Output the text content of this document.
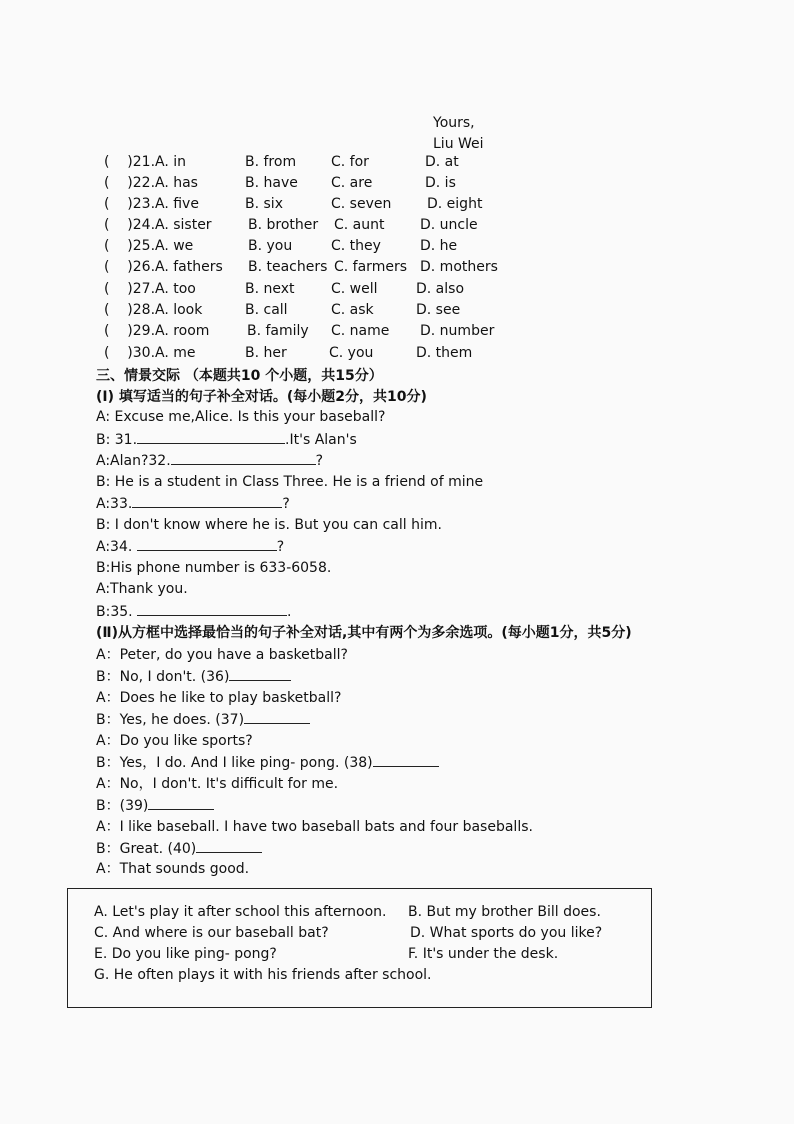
Yours,
Liu Wei
(    )21. A. in	B. from C. for	D. at
(    )22. A. has	B. have C. are	D. is
(    )23. A. five	B. six	C. seven	D. eight
(    )24. A. sister	B. brother C. aunt	D. uncle
(    )25. A. we	B. you	C. they	D. he
(    )26. A. fathers B. teachers C. farmers D. mothers
(    )27. A. too	B. next	C. well	D. also
(    )28. A. look	B. call	C. ask	D. see
(    )29. A. room	B. family C. name D. number
(    )30. A. me	B. her	C. you	D. them
三、情景交际 （本题共10 个小题，共15分）
(Ⅰ) 填写适当的句子补全对话。(每小题2分，共10分)
A: Excuse me,Alice. Is this your baseball?
B: 31.	.It's Alan's
A:Alan?32.	?
B: He is a student in Class Three. He is a friend of mine
A:33.	?
B: I don't know where he is. But you can call him.
A:34.	?
B:His phone number is 633-6058.
A:Thank you.
B:35.	.
(Ⅱ)从方框中选择最恰当的句子补全对话,其中有两个为多余选项。(每小题1分，共5分)
A：Peter, do you have a basketball?
B：No, I don't. (36)
A：Does he like to play basketball?
B：Yes, he does. (37)
A：Do you like sports?
B：Yes，I do. And I like ping- pong. (38)
A：No，I don't. It's difficult for me.
B：(39)
A：I like baseball. I have two baseball bats and four baseballs.
B：Great. (40)
A：That sounds good.
A. Let's play it after school this afternoon. B. But my brother Bill does.
C. And where is our baseball bat?	D. What sports do you like?
E. Do you like ping- pong?	F. It's under the desk.
G. He often plays it with his friends after school.
